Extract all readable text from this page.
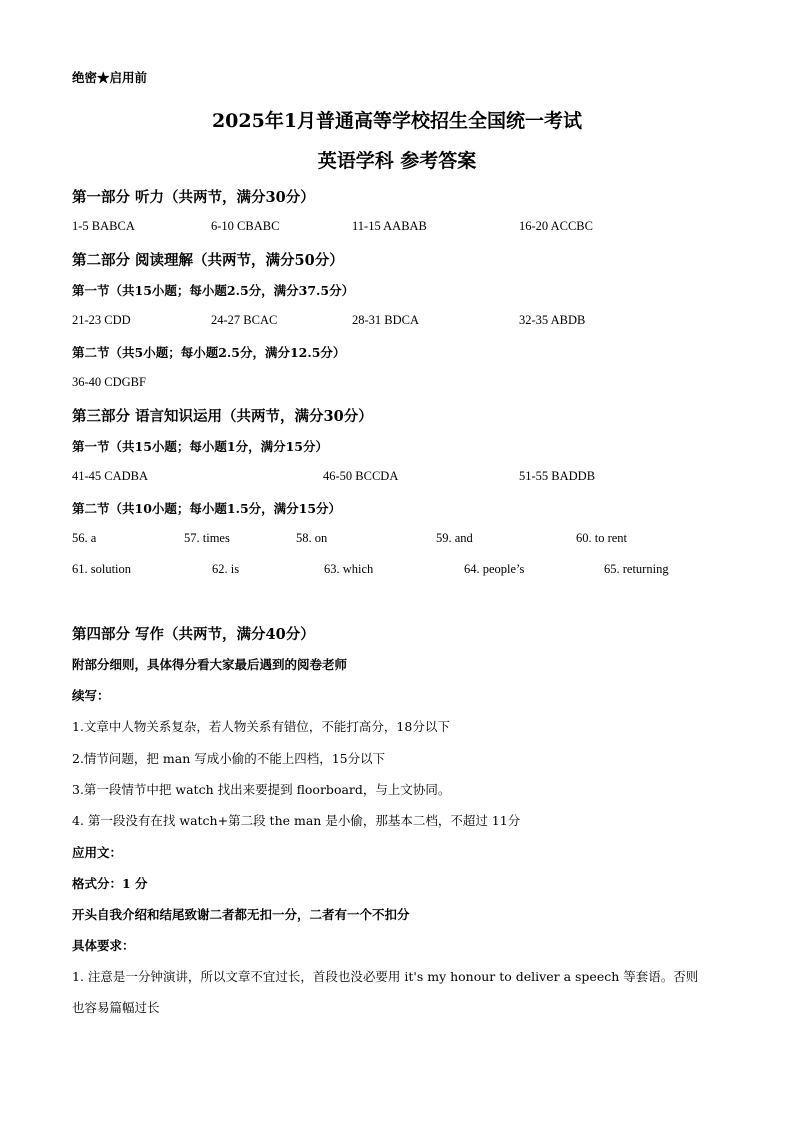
绝密★启用前
2025年1月普通高等学校招生全国统一考试
英语学科 参考答案
第一部分 听力（共两节，满分30分）
1-5 BABCA	6-10 CBABC	11-15 AABAB	16-20 ACCBC
第二部分 阅读理解（共两节，满分50分）
第一节（共15小题；每小题2.5分，满分37.5分）
21-23 CDD	24-27 BCAC	28-31 BDCA	32-35 ABDB
第二节（共5小题；每小题2.5分，满分12.5分）
36-40 CDGBF
第三部分 语言知识运用（共两节，满分30分）
第一节（共15小题；每小题1分，满分15分）
41-45 CADBA	46-50 BCCDA	51-55 BADDB
第二节（共10小题；每小题1.5分，满分15分）
56. a	57. times	58. on	59. and	60. to rent
61. solution	62. is	63. which	64. people’s	65. returning
第四部分 写作（共两节，满分40分）
附部分细则，具体得分看大家最后遇到的阅卷老师
续写：
1.文章中人物关系复杂，若人物关系有错位，不能打高分，18分以下
2.情节问题，把 man 写成小偷的不能上四档，15分以下
3.第一段情节中把 watch 找出来要提到 floorboard，与上文协同。
4. 第一段没有在找 watch+第二段 the man 是小偷，那基本二档，不超过 11分
应用文：
格式分：1 分
开头自我介绍和结尾致谢二者都无扣一分，二者有一个不扣分
具体要求：
1. 注意是一分钟演讲，所以文章不宜过长，首段也没必要用 it's my honour to deliver a speech 等套语。否则
也容易篇幅过长
